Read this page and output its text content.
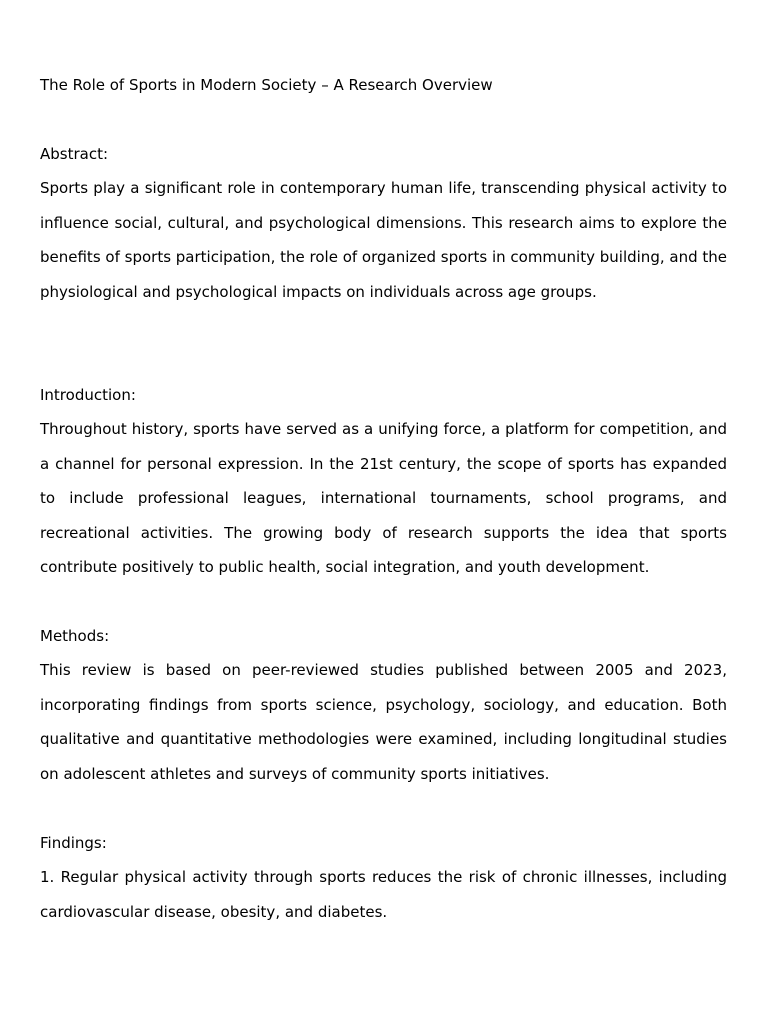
The Role of Sports in Modern Society – A Research Overview
Abstract:

Sports play a significant role in contemporary human life, transcending physical activity to influence social, cultural, and psychological dimensions. This research aims to explore the benefits of sports participation, the role of organized sports in community building, and the physiological and psychological impacts on individuals across age groups.

Introduction:

Throughout history, sports have served as a unifying force, a platform for competition, and a channel for personal expression. In the 21st century, the scope of sports has expanded to include professional leagues, international tournaments, school programs, and recreational activities. The growing body of research supports the idea that sports contribute positively to public health, social integration, and youth development.

Methods:

This review is based on peer-reviewed studies published between 2005 and 2023, incorporating findings from sports science, psychology, sociology, and education. Both qualitative and quantitative methodologies were examined, including longitudinal studies on adolescent athletes and surveys of community sports initiatives.

Findings:

1. Regular physical activity through sports reduces the risk of chronic illnesses, including cardiovascular disease, obesity, and diabetes.
